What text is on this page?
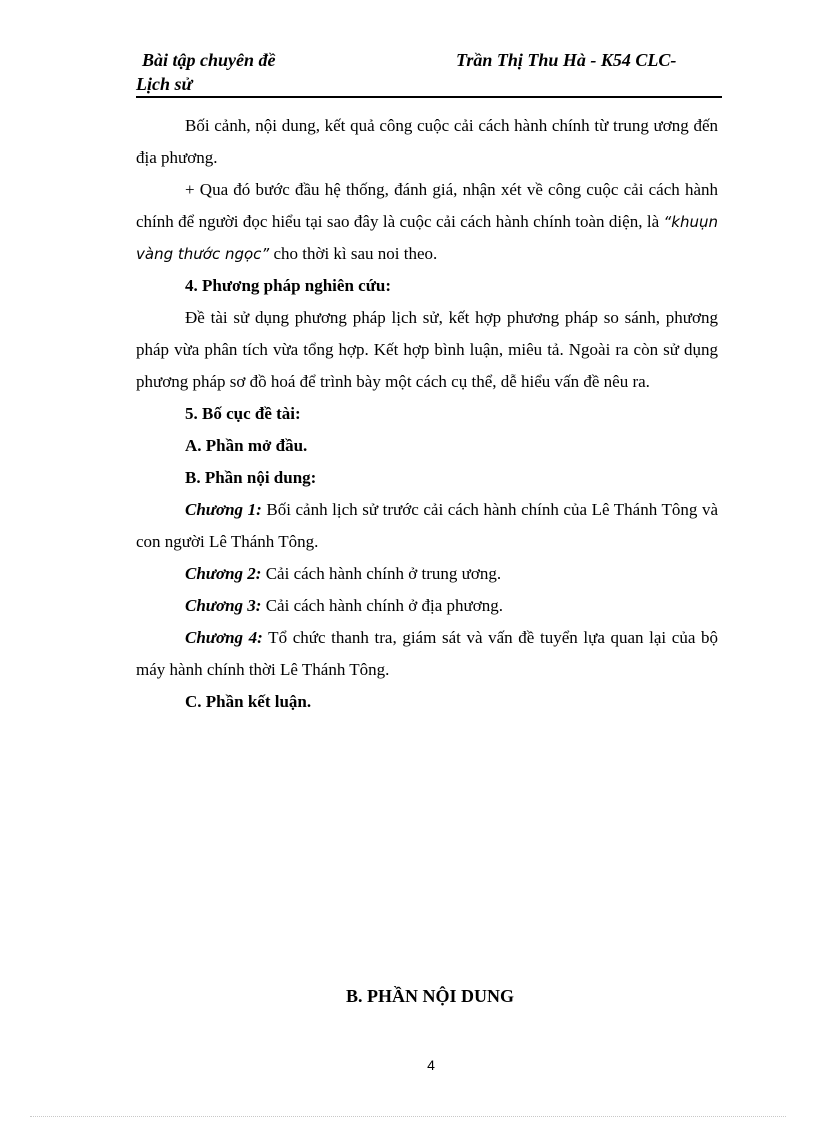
Bài tập chuyên đề	Trần Thị Thu Hà - K54 CLC-
Lịch sử

Bối cảnh, nội dung, kết quả công cuộc cải cách hành chính từ trung ương đến địa phương.

+ Qua đó bước đầu hệ thống, đánh giá, nhận xét về công cuộc cải cách hành chính để người đọc hiểu tại sao đây là cuộc cải cách hành chính toàn diện, là “khuụn vàng thước ngọc” cho thời kì sau noi theo.

4. Phương pháp nghiên cứu:

Đề tài sử dụng phương pháp lịch sử, kết hợp phương pháp so sánh, phương pháp vừa phân tích vừa tổng hợp. Kết hợp bình luận, miêu tả. Ngoài ra còn sử dụng phương pháp sơ đồ hoá để trình bày một cách cụ thể, dễ hiểu vấn đề nêu ra.

5. Bố cục đề tài:

A. Phần mở đầu.

B. Phần nội dung:

Chương 1: Bối cảnh lịch sử trước cải cách hành chính của Lê Thánh Tông và con người Lê Thánh Tông.

Chương 2: Cải cách hành chính ở trung ương.

Chương 3: Cải cách hành chính ở địa phương.

Chương 4: Tổ chức thanh tra, giám sát và vấn đề tuyển lựa quan lại của bộ máy hành chính thời Lê Thánh Tông.

C. Phần kết luận.

B. PHẦN NỘI DUNG
4
